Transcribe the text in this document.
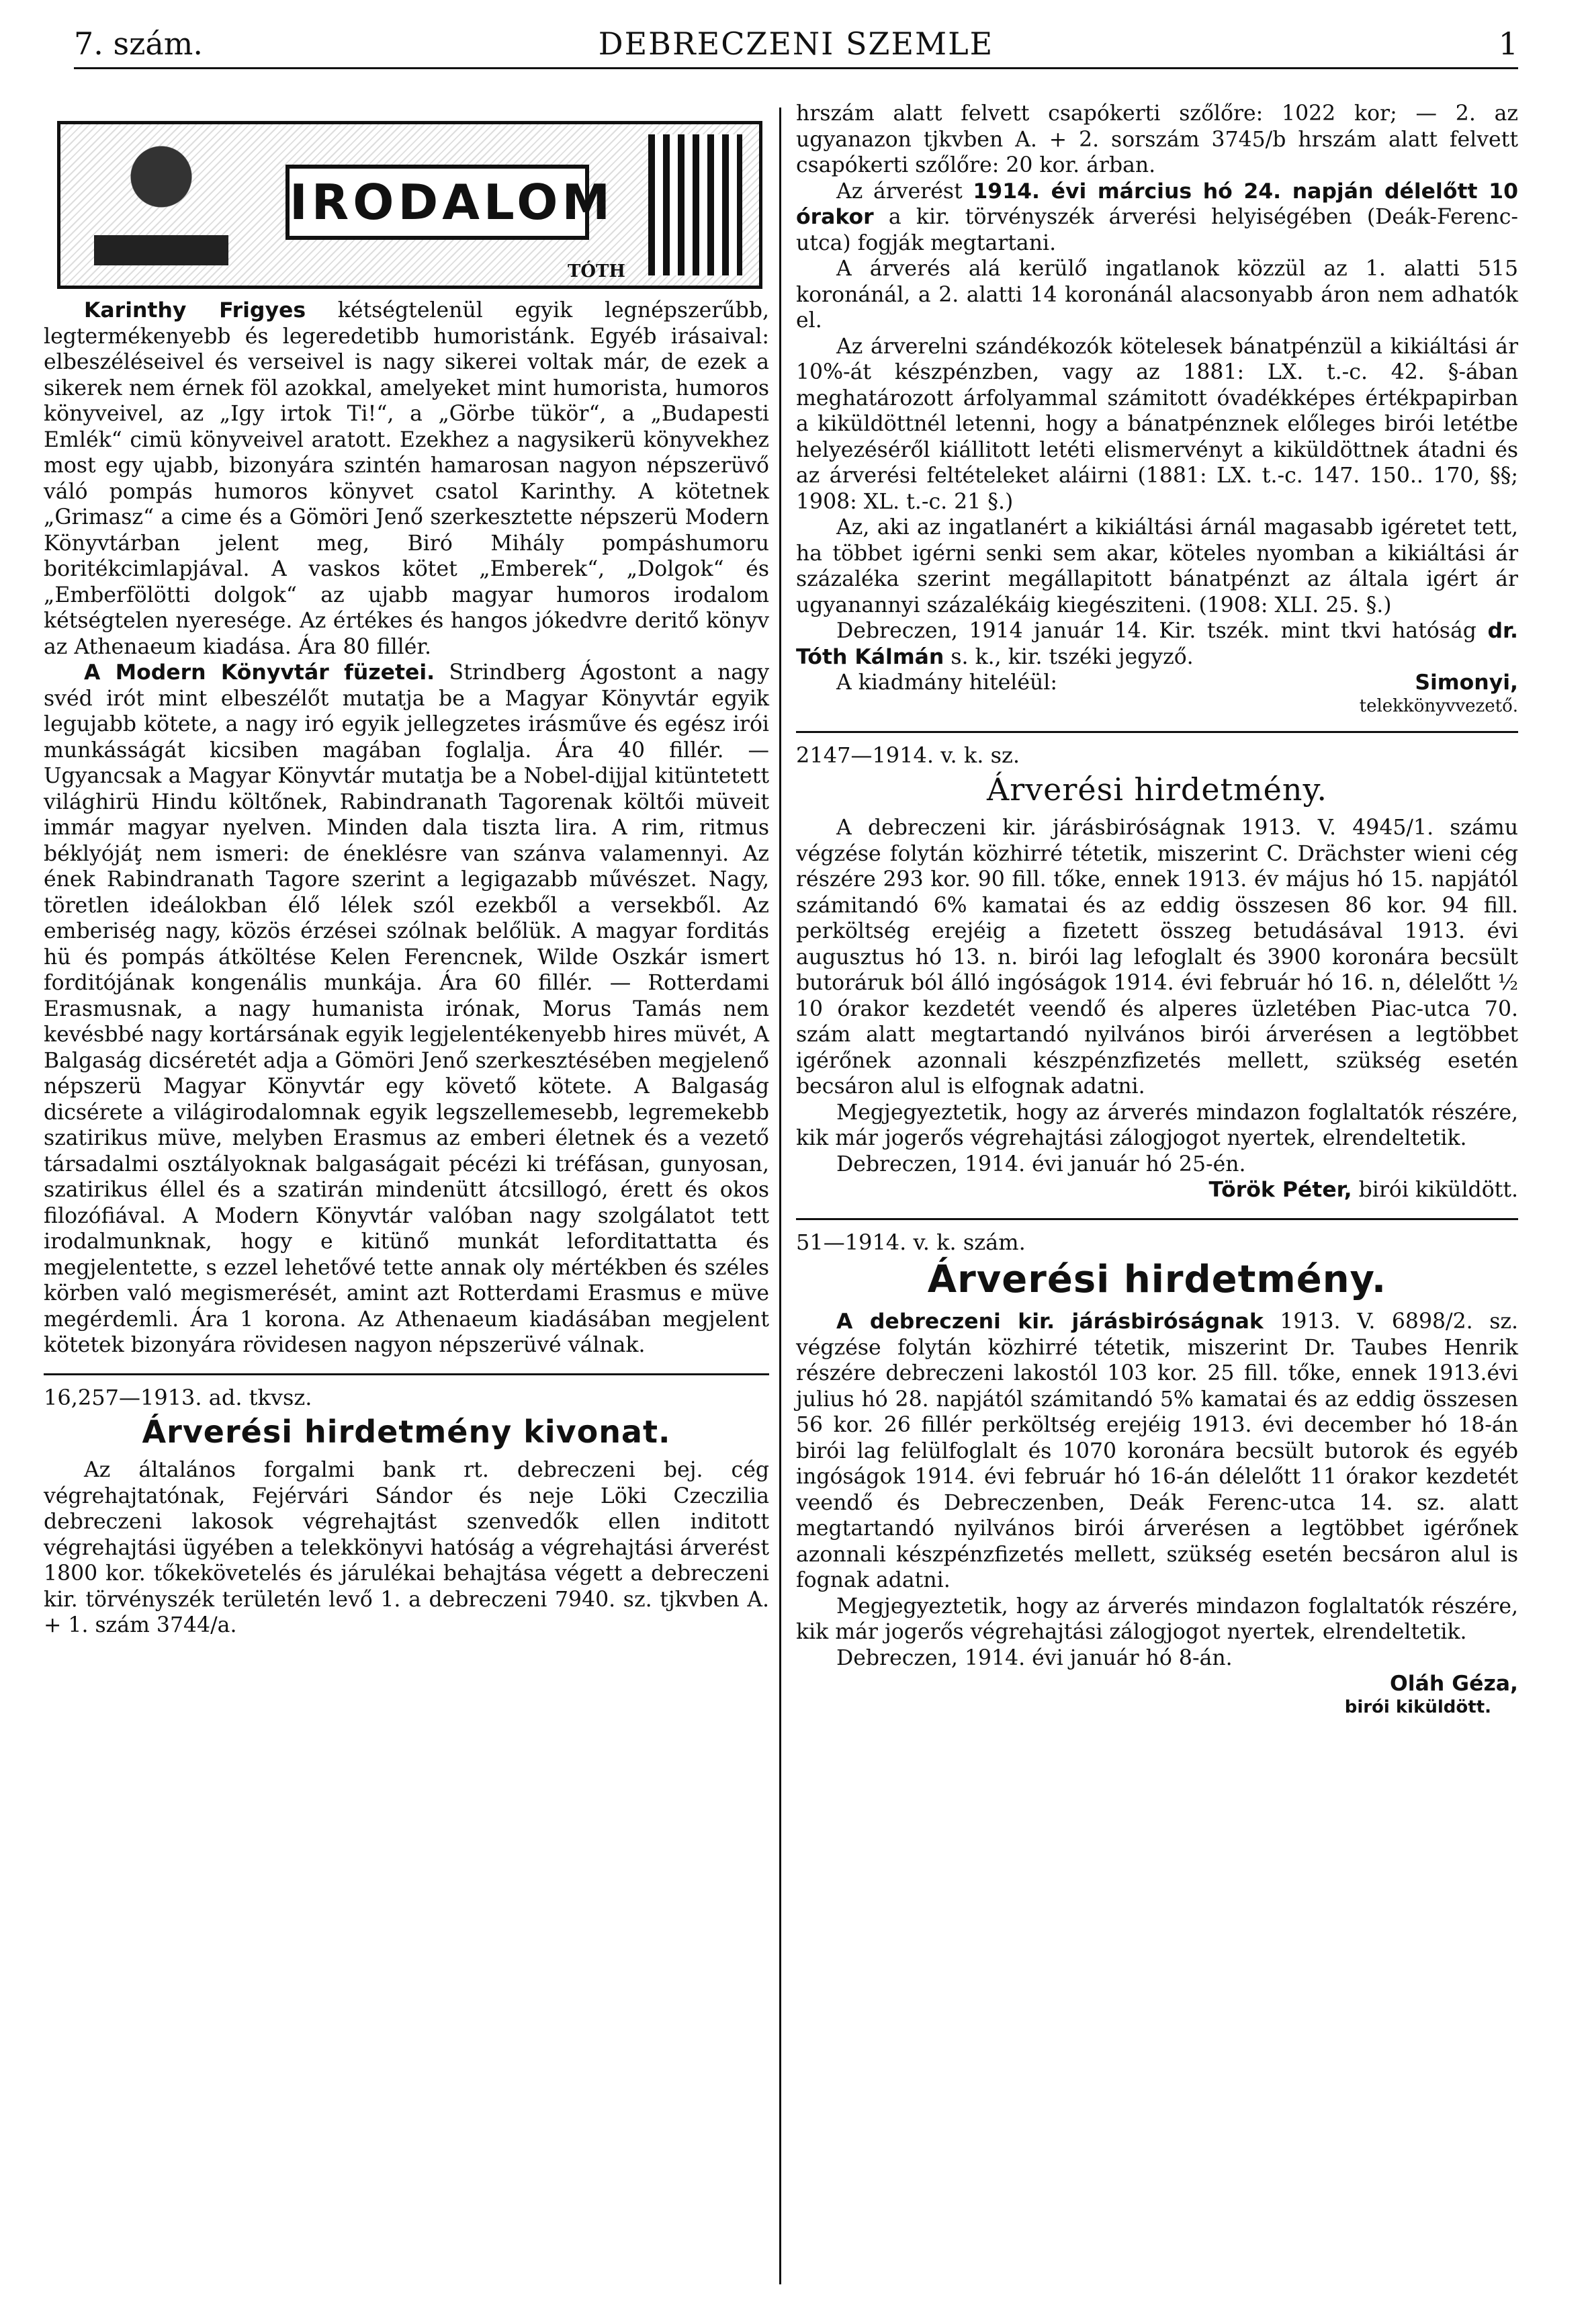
7. szám.	DEBRECZENI SZEMLE	1
IRODALOM
TÓTH

Karinthy Frigyes kétségtelenül egyik legnépszerűbb, legtermékenyebb és legeredetibb humoristánk. Egyéb irásaival: elbeszéléseivel és verseivel is nagy sikerei voltak már, de ezek a sikerek nem érnek föl azokkal, amelyeket mint humorista, humoros könyveivel, az „Igy irtok Ti!“, a „Görbe tükör“, a „Budapesti Emlék“ cimü könyveivel aratott. Ezekhez a nagysikerü könyvekhez most egy ujabb, bizonyára szintén hamarosan nagyon népszerüvő váló pompás humoros könyvet csatol Karinthy. A kötetnek „Grimasz“ a cime és a Gömöri Jenő szerkesztette népszerü Modern Könyvtárban jelent meg, Biró Mihály pompáshumoru boritékcimlapjával. A vaskos kötet „Emberek“, „Dolgok“ és „Emberfölötti dolgok“ az ujabb magyar humoros irodalom kétségtelen nyeresége. Az értékes és hangos jókedvre deritő könyv az Athenaeum kiadása. Ára 80 fillér.

A Modern Könyvtár füzetei. Strindberg Ágostont a nagy svéd irót mint elbeszélőt mutatja be a Magyar Könyvtár egyik legujabb kötete, a nagy iró egyik jellegzetes irásműve és egész irói munkásságát kicsiben magában foglalja. Ára 40 fillér. — Ugyancsak a Magyar Könyvtár mutatja be a Nobel-dijjal kitüntetett világhirü Hindu költőnek, Rabindranath Tagorenak költői müveit immár magyar nyelven. Minden dala tiszta lira. A rim, ritmus béklyójáţ nem ismeri: de éneklésre van szánva valamennyi. Az ének Rabindranath Tagore szerint a legigazabb művészet. Nagy, töretlen ideálokban élő lélek szól ezekből a versekből. Az emberiség nagy, közös érzései szólnak belőlük. A magyar forditás hü és pompás átköltése Kelen Ferencnek, Wilde Oszkár ismert forditójának kongenális munkája. Ára 60 fillér. — Rotterdami Erasmusnak, a nagy humanista irónak, Morus Tamás nem kevésbbé nagy kortársának egyik legjelentékenyebb hires müvét, A Balgaság dicséretét adja a Gömöri Jenő szerkesztésében megjelenő népszerü Magyar Könyvtár egy követő kötete. A Balgaság dicsérete a világirodalomnak egyik legszellemesebb, legremekebb szatirikus müve, melyben Erasmus az emberi életnek és a vezető társadalmi osztályoknak balgaságait pécézi ki tréfásan, gunyosan, szatirikus éllel és a szatirán mindenütt átcsillogó, érett és okos filozófiával. A Modern Könyvtár valóban nagy szolgálatot tett irodalmunknak, hogy e kitünő munkát leforditattatta és megjelentette, s ezzel lehetővé tette annak oly mértékben és széles körben való megismerését, amint azt Rotterdami Erasmus e müve megérdemli. Ára 1 korona. Az Athenaeum kiadásában megjelent kötetek bizonyára rövidesen nagyon népszerüvé válnak.

16,257—1913. ad. tkvsz.

Árverési hirdetmény kivonat.

Az általános forgalmi bank rt. debreczeni bej. cég végrehajtatónak, Fejérvári Sándor és neje Löki Czeczilia debreczeni lakosok végrehajtást szenvedők ellen inditott végrehajtási ügyében a telekkönyvi hatóság a végrehajtási árverést 1800 kor. tőkekövetelés és járulékai behajtása végett a debreczeni kir. törvényszék területén levő 1. a debreczeni 7940. sz. tjkvben A. + 1. szám 3744/a.

hrszám alatt felvett csapókerti szőlőre: 1022 kor; — 2. az ugyanazon tjkvben A. + 2. sorszám 3745/b hrszám alatt felvett csapókerti szőlőre: 20 kor. árban.

Az árverést 1914. évi március hó 24. napján délelőtt 10 órakor a kir. törvényszék árverési helyiségében (Deák-Ferenc-utca) fogják megtartani.

A árverés alá kerülő ingatlanok közzül az 1. alatti 515 koronánál, a 2. alatti 14 koronánál alacsonyabb áron nem adhatók el.

Az árverelni szándékozók kötelesek bánatpénzül a kikiáltási ár 10%-át készpénzben, vagy az 1881: LX. t.-c. 42. §-ában meghatározott árfolyammal számitott óvadékképes értékpapirban a kiküldöttnél letenni, hogy a bánatpénznek előleges birói letétbe helyezéséről kiállitott letéti elismervényt a kiküldöttnek átadni és az árverési feltételeket aláirni (1881: LX. t.-c. 147. 150.. 170, §§; 1908: XL. t.-c. 21 §.)

Az, aki az ingatlanért a kikiáltási árnál magasabb igéretet tett, ha többet igérni senki sem akar, köteles nyomban a kikiáltási ár százaléka szerint megállapitott bánatpénzt az általa igért ár ugyanannyi százalékáig kiegésziteni. (1908: XLI. 25. §.)

Debreczen, 1914 január 14. Kir. tszék. mint tkvi hatóság dr. Tóth Kálmán s. k., kir. tszéki jegyző.

A kiadmány hiteléül:	Simonyi,

telekkönyvvezető.

2147—1914. v. k. sz.

Árverési hirdetmény.

A debreczeni kir. járásbiróságnak 1913. V. 4945/1. számu végzése folytán közhirré tétetik, miszerint C. Drächster wieni cég részére 293 kor. 90 fill. tőke, ennek 1913. év május hó 15. napjától számitandó 6% kamatai és az eddig összesen 86 kor. 94 fill. perköltség erejéig a fizetett összeg betudásával 1913. évi augusztus hó 13. n. birói lag lefoglalt és 3900 koronára becsült butoráruk ból álló ingóságok 1914. évi február hó 16. n, délelőtt ½ 10 órakor kezdetét veendő és alperes üzletében Piac-utca 70. szám alatt megtartandó nyilvános birói árverésen a legtöbbet igérőnek azonnali készpénzfizetés mellett, szükség esetén becsáron alul is elfognak adatni.

Megjegyeztetik, hogy az árverés mindazon foglaltatók részére, kik már jogerős végrehajtási zálogjogot nyertek, elrendeltetik.

Debreczen, 1914. évi január hó 25-én.

Török Péter, birói kiküldött.

51—1914. v. k. szám.

Árverési hirdetmény.

A debreczeni kir. járásbiróságnak 1913. V. 6898/2. sz. végzése folytán közhirré tétetik, miszerint Dr. Taubes Henrik részére debreczeni lakostól 103 kor. 25 fill. tőke, ennek 1913.évi julius hó 28. napjától számitandó 5% kamatai és az eddig összesen 56 kor. 26 fillér perköltség erejéig 1913. évi december hó 18-án birói lag felülfoglalt és 1070 koronára becsült butorok és egyéb ingóságok 1914. évi február hó 16-án délelőtt 11 órakor kezdetét veendő és Debreczenben, Deák Ferenc-utca 14. sz. alatt megtartandó nyilvános birói árverésen a legtöbbet igérőnek azonnali készpénzfizetés mellett, szükség esetén becsáron alul is fognak adatni.

Megjegyeztetik, hogy az árverés mindazon foglaltatók részére, kik már jogerős végrehajtási zálogjogot nyertek, elrendeltetik.

Debreczen, 1914. évi január hó 8-án.

Oláh Géza,

birói kiküldött.
